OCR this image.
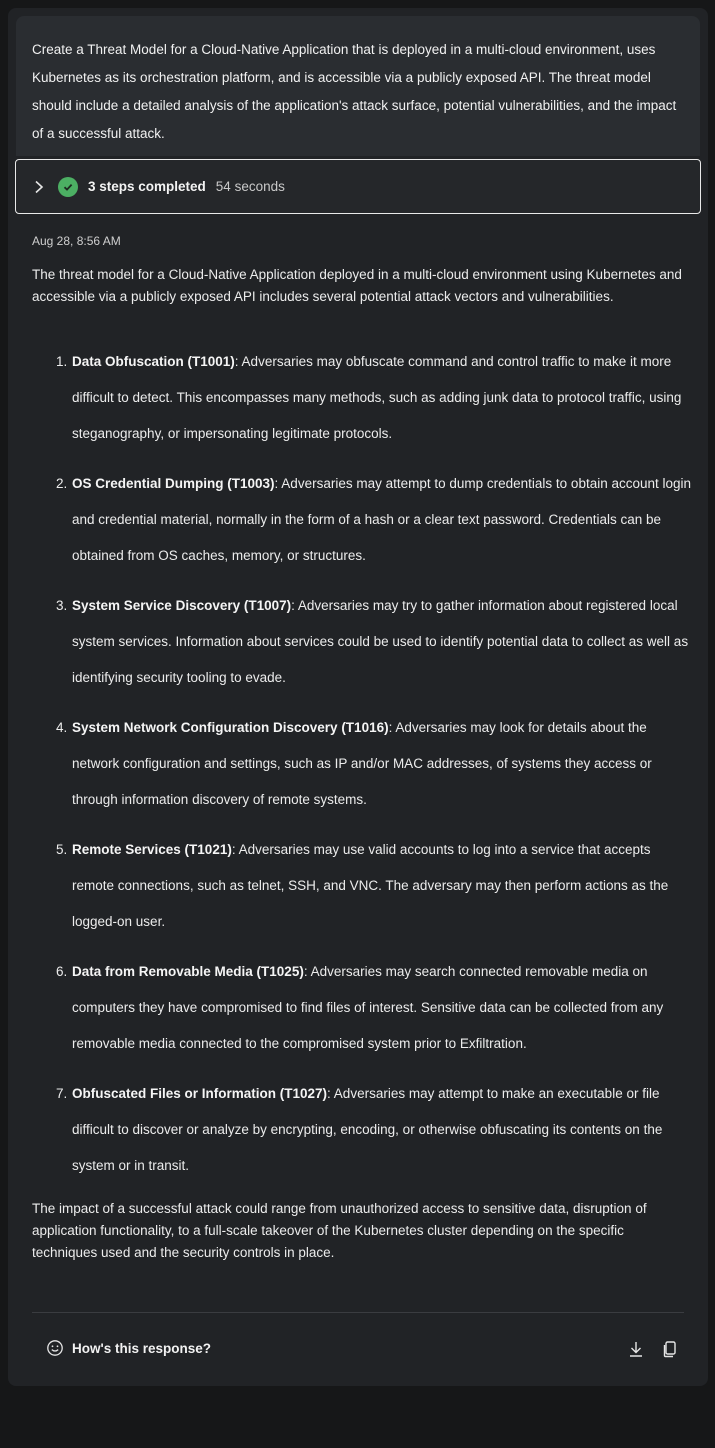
Create a Threat Model for a Cloud-Native Application that is deployed in a multi-cloud environment, uses Kubernetes as its orchestration platform, and is accessible via a publicly exposed API. The threat model should include a detailed analysis of the application's attack surface, potential vulnerabilities, and the impact of a successful attack.

3 steps completed 54 seconds
Aug 28, 8:56 AM

The threat model for a Cloud-Native Application deployed in a multi-cloud environment using Kubernetes and accessible via a publicly exposed API includes several potential attack vectors and vulnerabilities.

1. Data Obfuscation (T1001): Adversaries may obfuscate command and control traffic to make it more difficult to detect. This encompasses many methods, such as adding junk data to protocol traffic, using steganography, or impersonating legitimate protocols.
2. OS Credential Dumping (T1003): Adversaries may attempt to dump credentials to obtain account login and credential material, normally in the form of a hash or a clear text password. Credentials can be obtained from OS caches, memory, or structures.
3. System Service Discovery (T1007): Adversaries may try to gather information about registered local system services. Information about services could be used to identify potential data to collect as well as identifying security tooling to evade.
4. System Network Configuration Discovery (T1016): Adversaries may look for details about the network configuration and settings, such as IP and/or MAC addresses, of systems they access or through information discovery of remote systems.
5. Remote Services (T1021): Adversaries may use valid accounts to log into a service that accepts remote connections, such as telnet, SSH, and VNC. The adversary may then perform actions as the logged-on user.
6. Data from Removable Media (T1025): Adversaries may search connected removable media on computers they have compromised to find files of interest. Sensitive data can be collected from any removable media connected to the compromised system prior to Exfiltration.
7. Obfuscated Files or Information (T1027): Adversaries may attempt to make an executable or file difficult to discover or analyze by encrypting, encoding, or otherwise obfuscating its contents on the system or in transit.

The impact of a successful attack could range from unauthorized access to sensitive data, disruption of application functionality, to a full-scale takeover of the Kubernetes cluster depending on the specific techniques used and the security controls in place.

How's this response?
